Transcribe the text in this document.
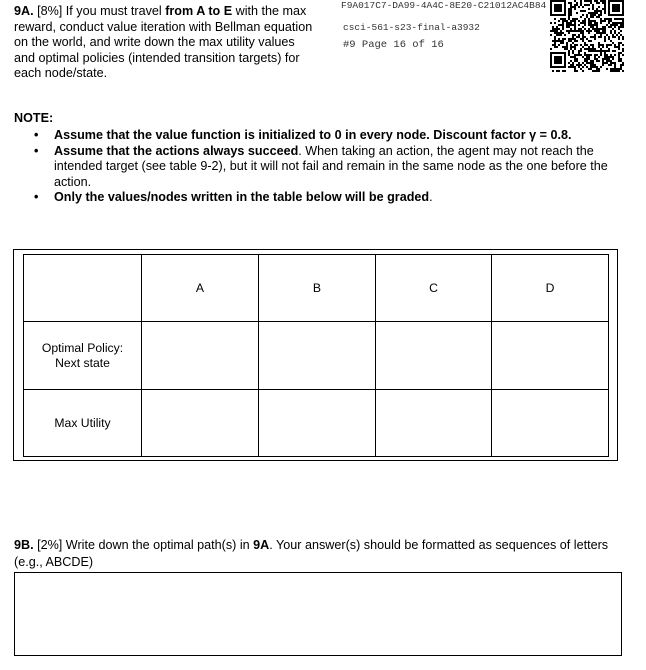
9A. [8%] If you must travel from A to E with the max reward, conduct value iteration with Bellman equation on the world, and write down the max utility values and optimal policies (intended transition targets) for each node/state.
F9A017C7-DA99-4A4C-8E20-C21012AC4B84
csci-561-s23-final-a3932
#9 Page 16 of 16
NOTE:
• Assume that the value function is initialized to 0 in every node. Discount factor γ = 0.8.
• Assume that the actions always succeed. When taking an action, the agent may not reach the intended target (see table 9-2), but it will not fail and remain in the same node as the one before the action.
• Only the values/nodes written in the table below will be graded.
	A	B	C	D
Optimal Policy:
Next state				
Max Utility				
9B. [2%] Write down the optimal path(s) in 9A. Your answer(s) should be formatted as sequences of letters (e.g., ABCDE)
